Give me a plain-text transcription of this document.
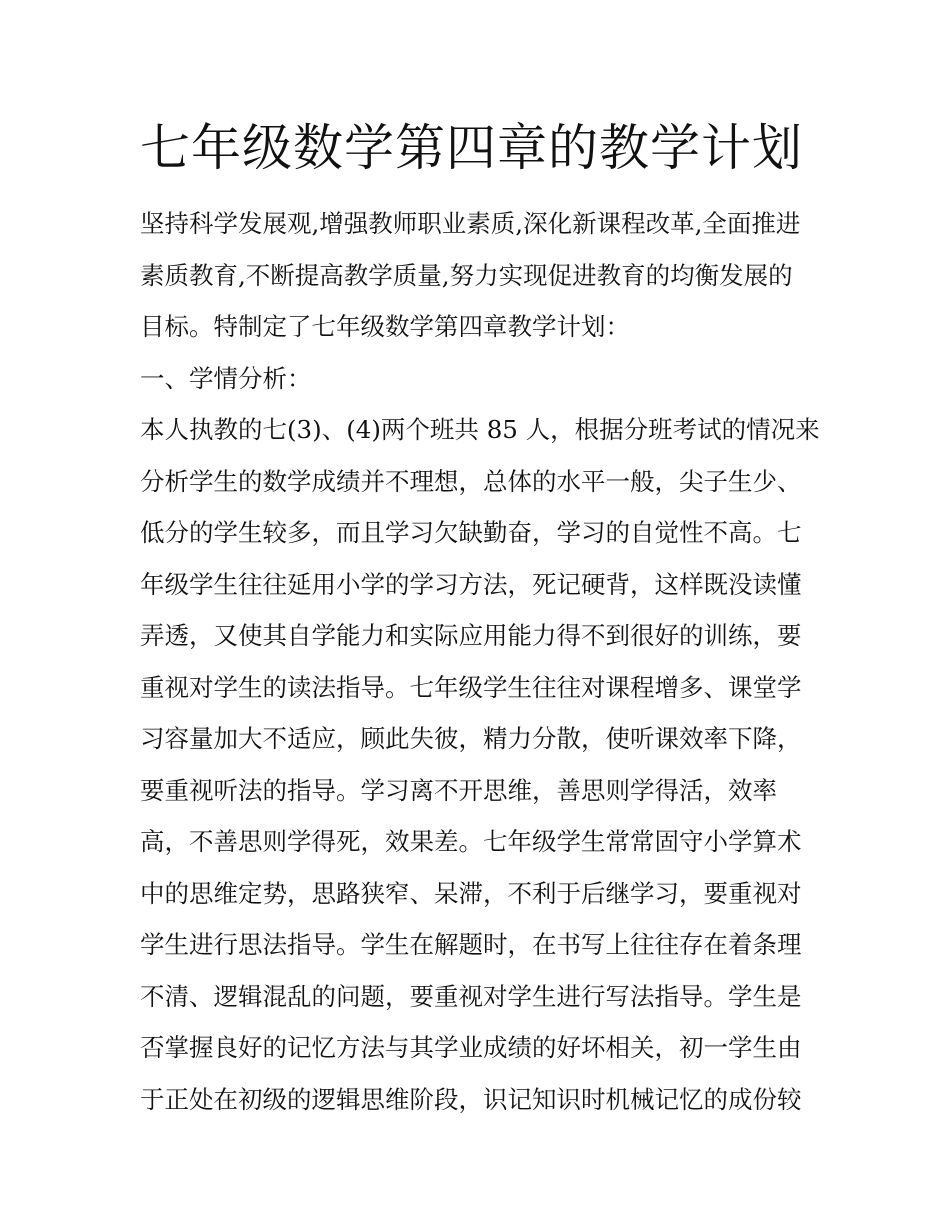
七年级数学第四章的教学计划
坚持科学发展观,增强教师职业素质,深化新课程改革,全面推进
素质教育,不断提高教学质量,努力实现促进教育的均衡发展的
目标。特制定了七年级数学第四章教学计划：
一、学情分析：
本人执教的七(3)、(4)两个班共 85 人，根据分班考试的情况来
分析学生的数学成绩并不理想，总体的水平一般，尖子生少、
低分的学生较多，而且学习欠缺勤奋，学习的自觉性不高。七
年级学生往往延用小学的学习方法，死记硬背，这样既没读懂
弄透，又使其自学能力和实际应用能力得不到很好的训练，要
重视对学生的读法指导。七年级学生往往对课程增多、课堂学
习容量加大不适应，顾此失彼，精力分散，使听课效率下降，
要重视听法的指导。学习离不开思维，善思则学得活，效率
高，不善思则学得死，效果差。七年级学生常常固守小学算术
中的思维定势，思路狭窄、呆滞，不利于后继学习，要重视对
学生进行思法指导。学生在解题时，在书写上往往存在着条理
不清、逻辑混乱的问题，要重视对学生进行写法指导。学生是
否掌握良好的记忆方法与其学业成绩的好坏相关，初一学生由
于正处在初级的逻辑思维阶段，识记知识时机械记忆的成份较
